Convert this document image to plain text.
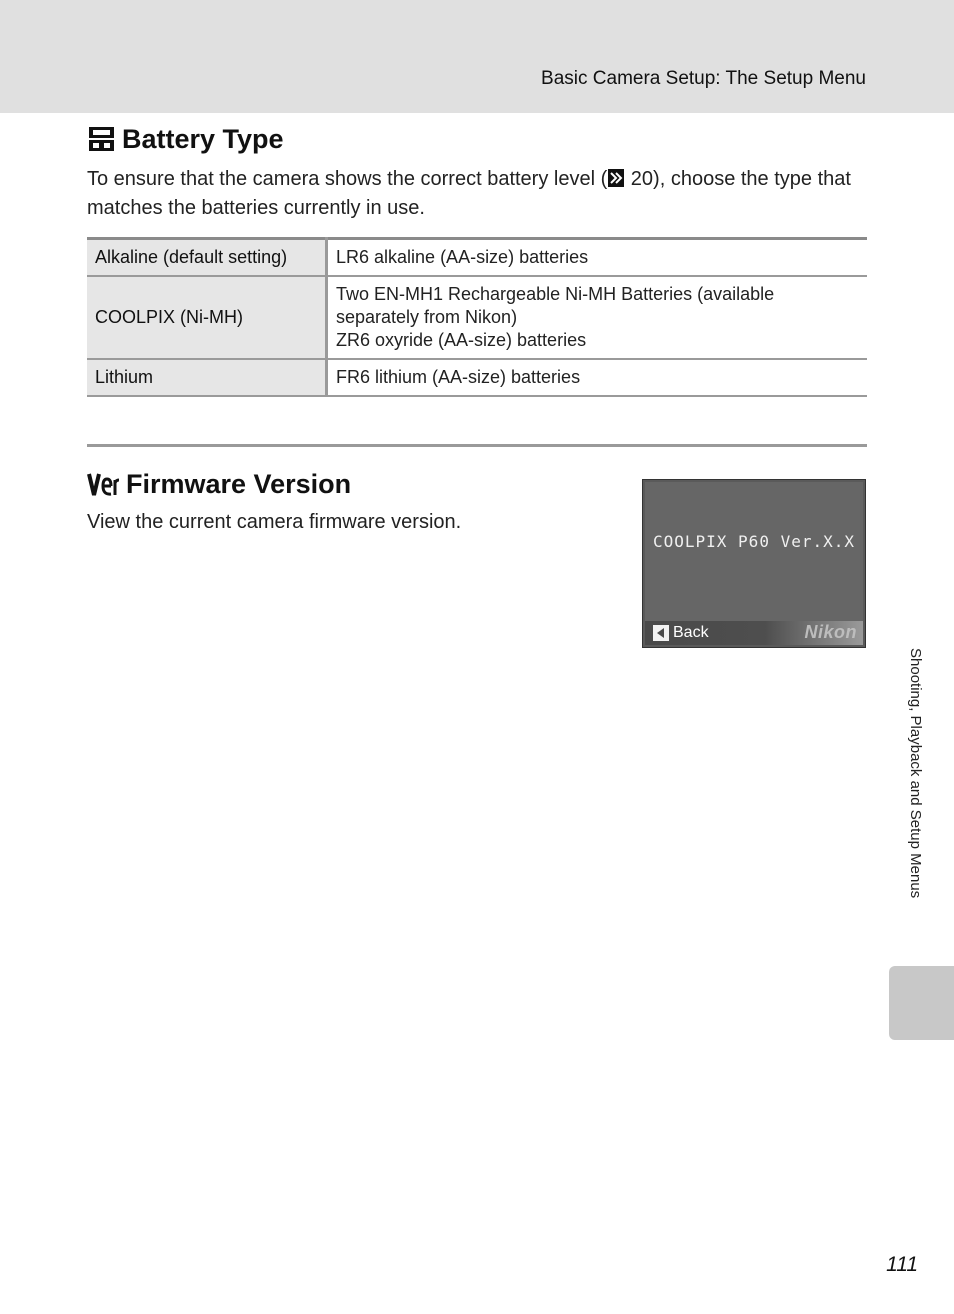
Basic Camera Setup: The Setup Menu
Battery Type
To ensure that the camera shows the correct battery level ( 20), choose the type that matches the batteries currently in use.
Alkaline (default setting)	LR6 alkaline (AA-size) batteries

COOLPIX (Ni-MH)	Two EN-MH1 Rechargeable Ni-MH Batteries (available separately from Nikon)
ZR6 oxyride (AA-size) batteries

Lithium	FR6 lithium (AA-size) batteries
Firmware Version
View the current camera firmware version.
COOLPIX P60 Ver.X.X
Back	Nikon
Shooting, Playback and Setup Menus
111
